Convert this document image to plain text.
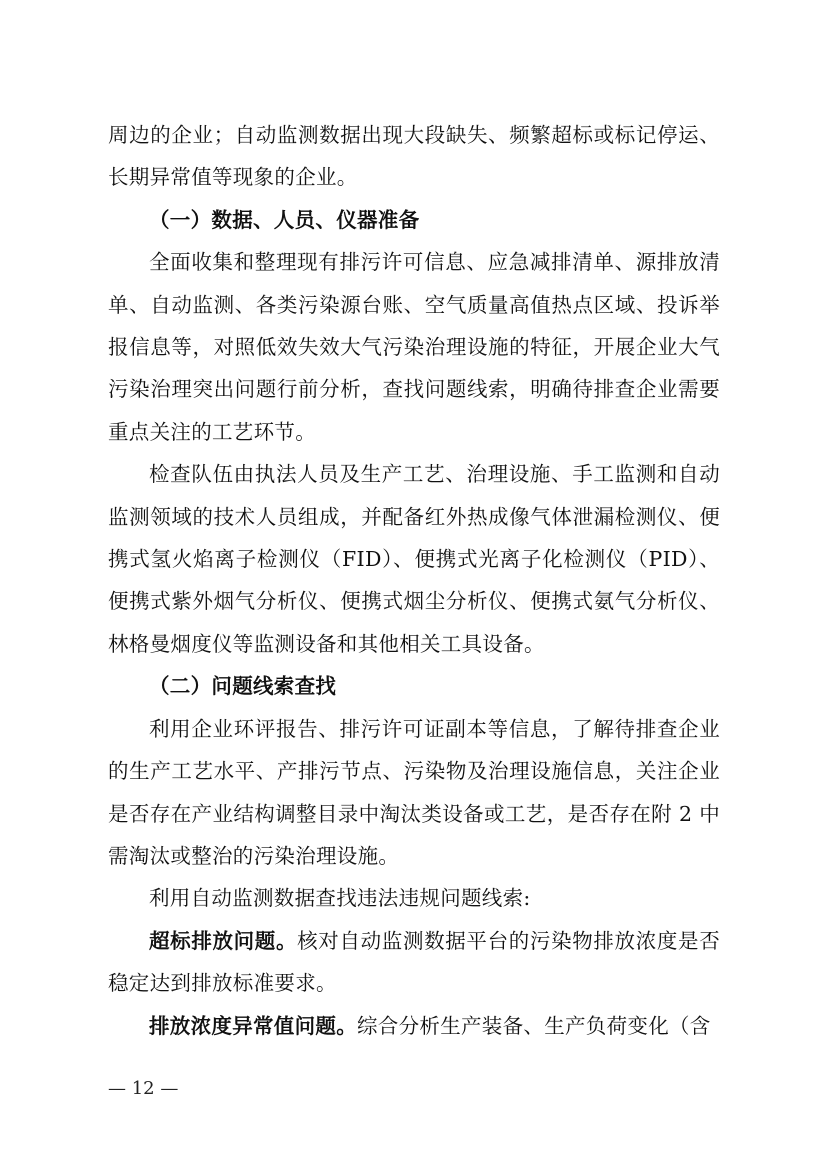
周边的企业；自动监测数据出现大段缺失、频繁超标或标记停运、长期异常值等现象的企业。

（一）数据、人员、仪器准备

全面收集和整理现有排污许可信息、应急减排清单、源排放清单、自动监测、各类污染源台账、空气质量高值热点区域、投诉举报信息等，对照低效失效大气污染治理设施的特征，开展企业大气污染治理突出问题行前分析，查找问题线索，明确待排查企业需要重点关注的工艺环节。

检查队伍由执法人员及生产工艺、治理设施、手工监测和自动监测领域的技术人员组成，并配备红外热成像气体泄漏检测仪、便携式氢火焰离子检测仪（FID）、便携式光离子化检测仪（PID）、便携式紫外烟气分析仪、便携式烟尘分析仪、便携式氨气分析仪、林格曼烟度仪等监测设备和其他相关工具设备。

（二）问题线索查找

利用企业环评报告、排污许可证副本等信息，了解待排查企业的生产工艺水平、产排污节点、污染物及治理设施信息，关注企业是否存在产业结构调整目录中淘汰类设备或工艺，是否存在附 2 中需淘汰或整治的污染治理设施。

利用自动监测数据查找违法违规问题线索:

超标排放问题。核对自动监测数据平台的污染物排放浓度是否稳定达到排放标准要求。

排放浓度异常值问题。综合分析生产装备、生产负荷变化（含

— 12 —
